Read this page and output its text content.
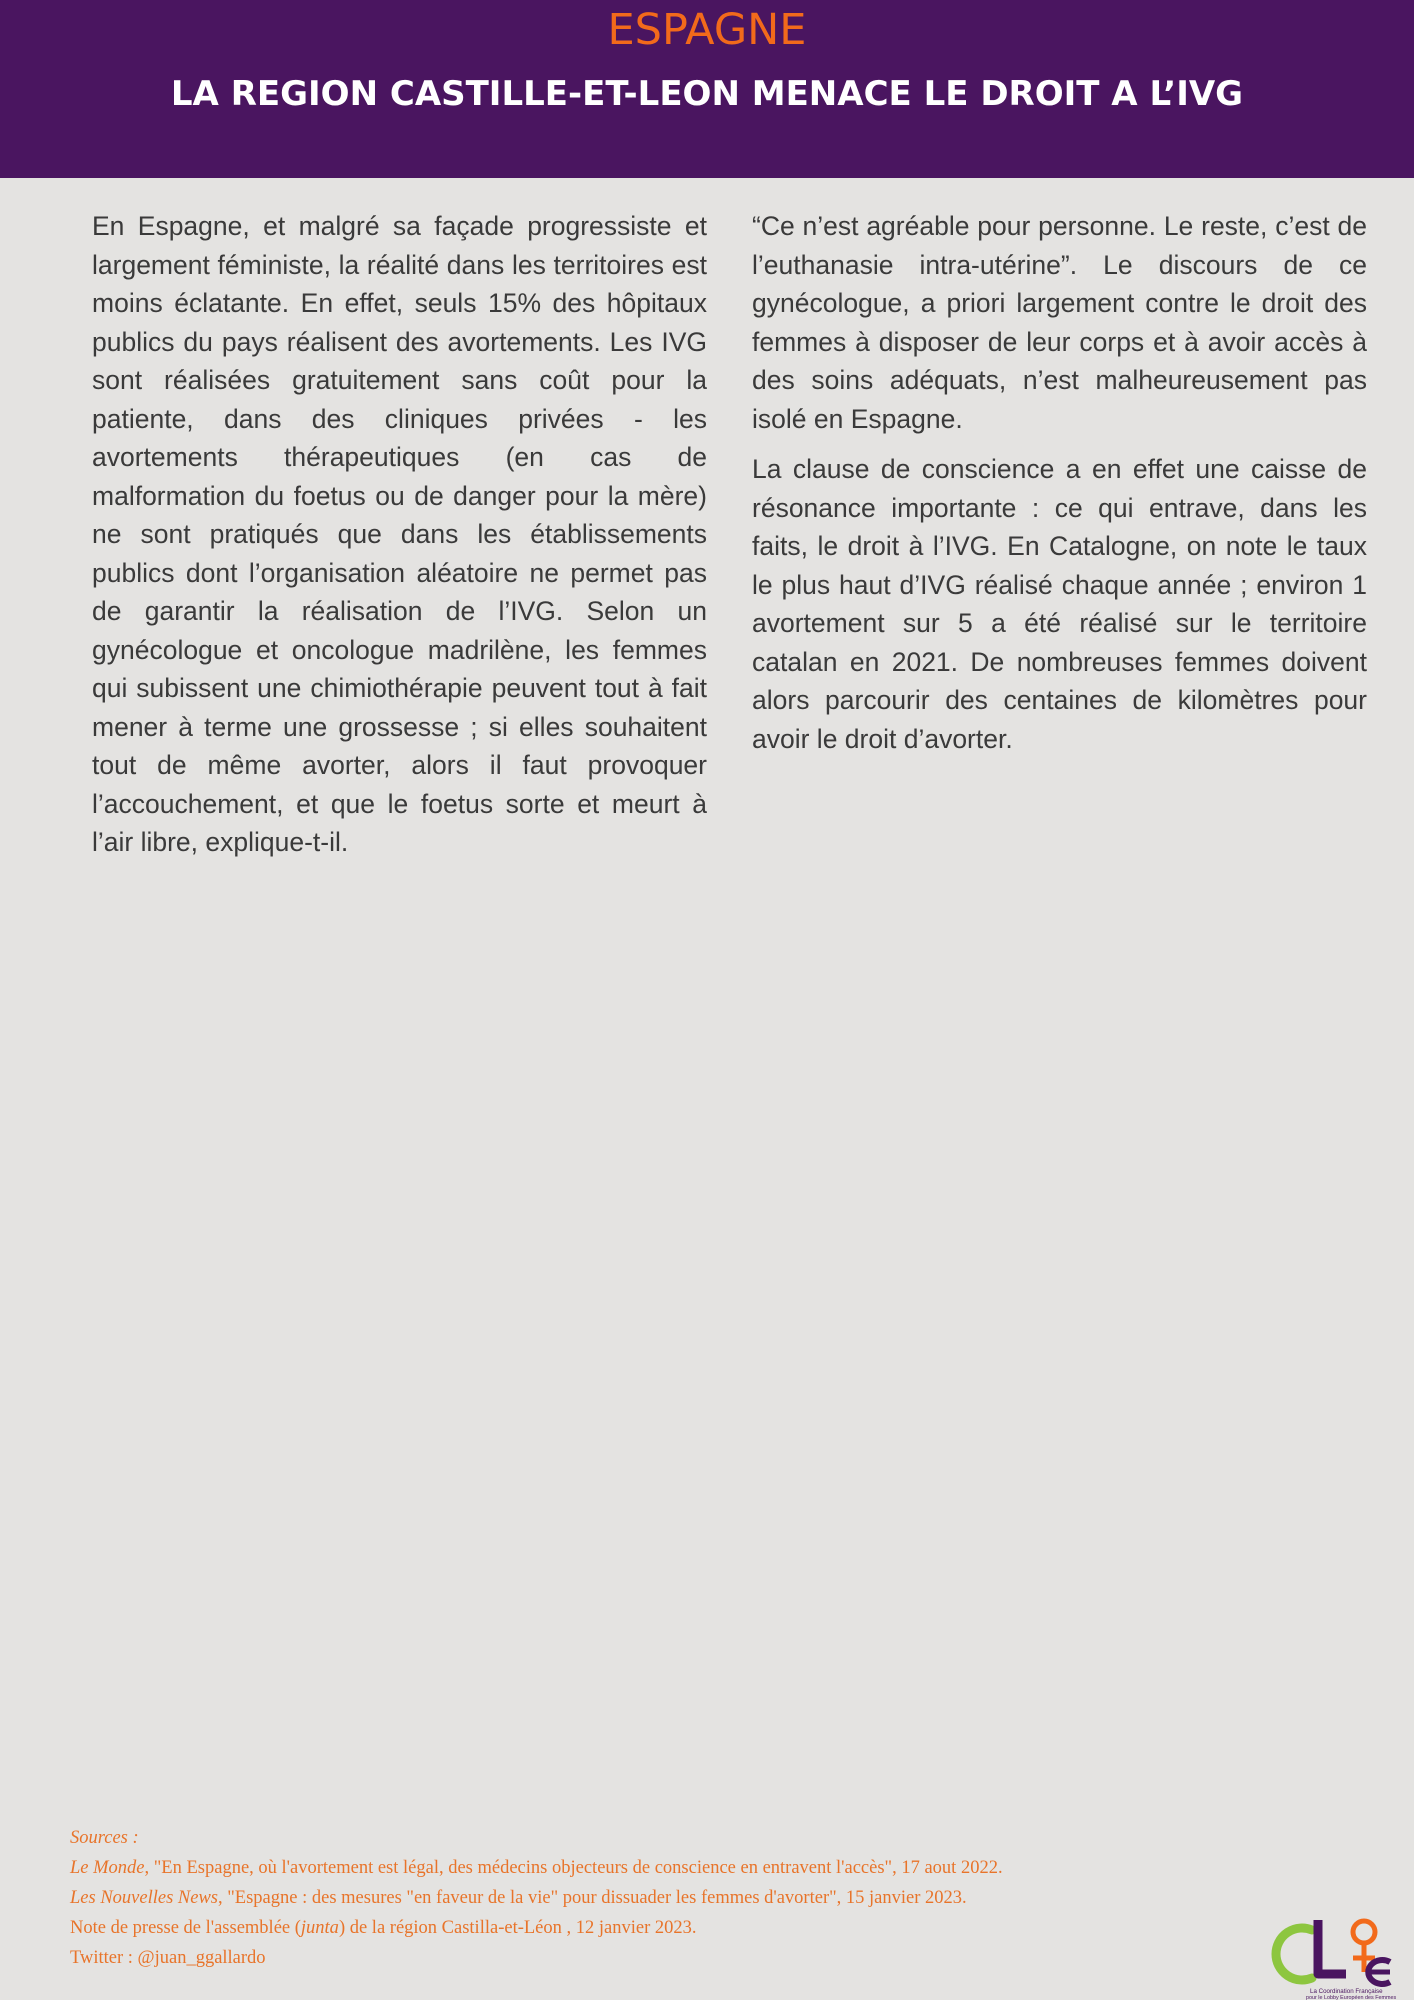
ESPAGNE
LA REGION CASTILLE-ET-LEON MENACE LE DROIT A L’IVG

En Espagne, et malgré sa façade progressiste et largement féministe, la réalité dans les territoires est moins éclatante. En effet, seuls 15% des hôpitaux publics du pays réalisent des avortements. Les IVG sont réalisées gratuitement sans coût pour la patiente, dans des cliniques privées - les avortements thérapeutiques (en cas de malformation du foetus ou de danger pour la mère) ne sont pratiqués que dans les établissements publics dont l’organisation aléatoire ne permet pas de garantir la réalisation de l’IVG. Selon un gynécologue et oncologue madrilène, les femmes qui subissent une chimiothérapie peuvent tout à fait mener à terme une grossesse ; si elles souhaitent tout de même avorter, alors il faut provoquer l’accouchement, et que le foetus sorte et meurt à l’air libre, explique-t-il.

“Ce n’est agréable pour personne. Le reste, c’est de l’euthanasie intra-utérine”. Le discours de ce gynécologue, a priori largement contre le droit des femmes à disposer de leur corps et à avoir accès à des soins adéquats, n’est malheureusement pas isolé en Espagne.

La clause de conscience a en effet une caisse de résonance importante : ce qui entrave, dans les faits, le droit à l’IVG. En Catalogne, on note le taux le plus haut d’IVG réalisé chaque année ; environ 1 avortement sur 5 a été réalisé sur le territoire catalan en 2021. De nombreuses femmes doivent alors parcourir des centaines de kilomètres pour avoir le droit d’avorter.

Sources :
Le Monde, "En Espagne, où l'avortement est légal, des médecins objecteurs de conscience en entravent l'accès", 17 aout 2022.
Les Nouvelles News, "Espagne : des mesures "en faveur de la vie" pour dissuader les femmes d'avorter", 15 janvier 2023.
Note de presse de l'assemblée (junta) de la région Castilla-et-Léon , 12 janvier 2023.
Twitter : @juan_ggallardo
La Coordination Française
pour le Lobby Européen des Femmes
